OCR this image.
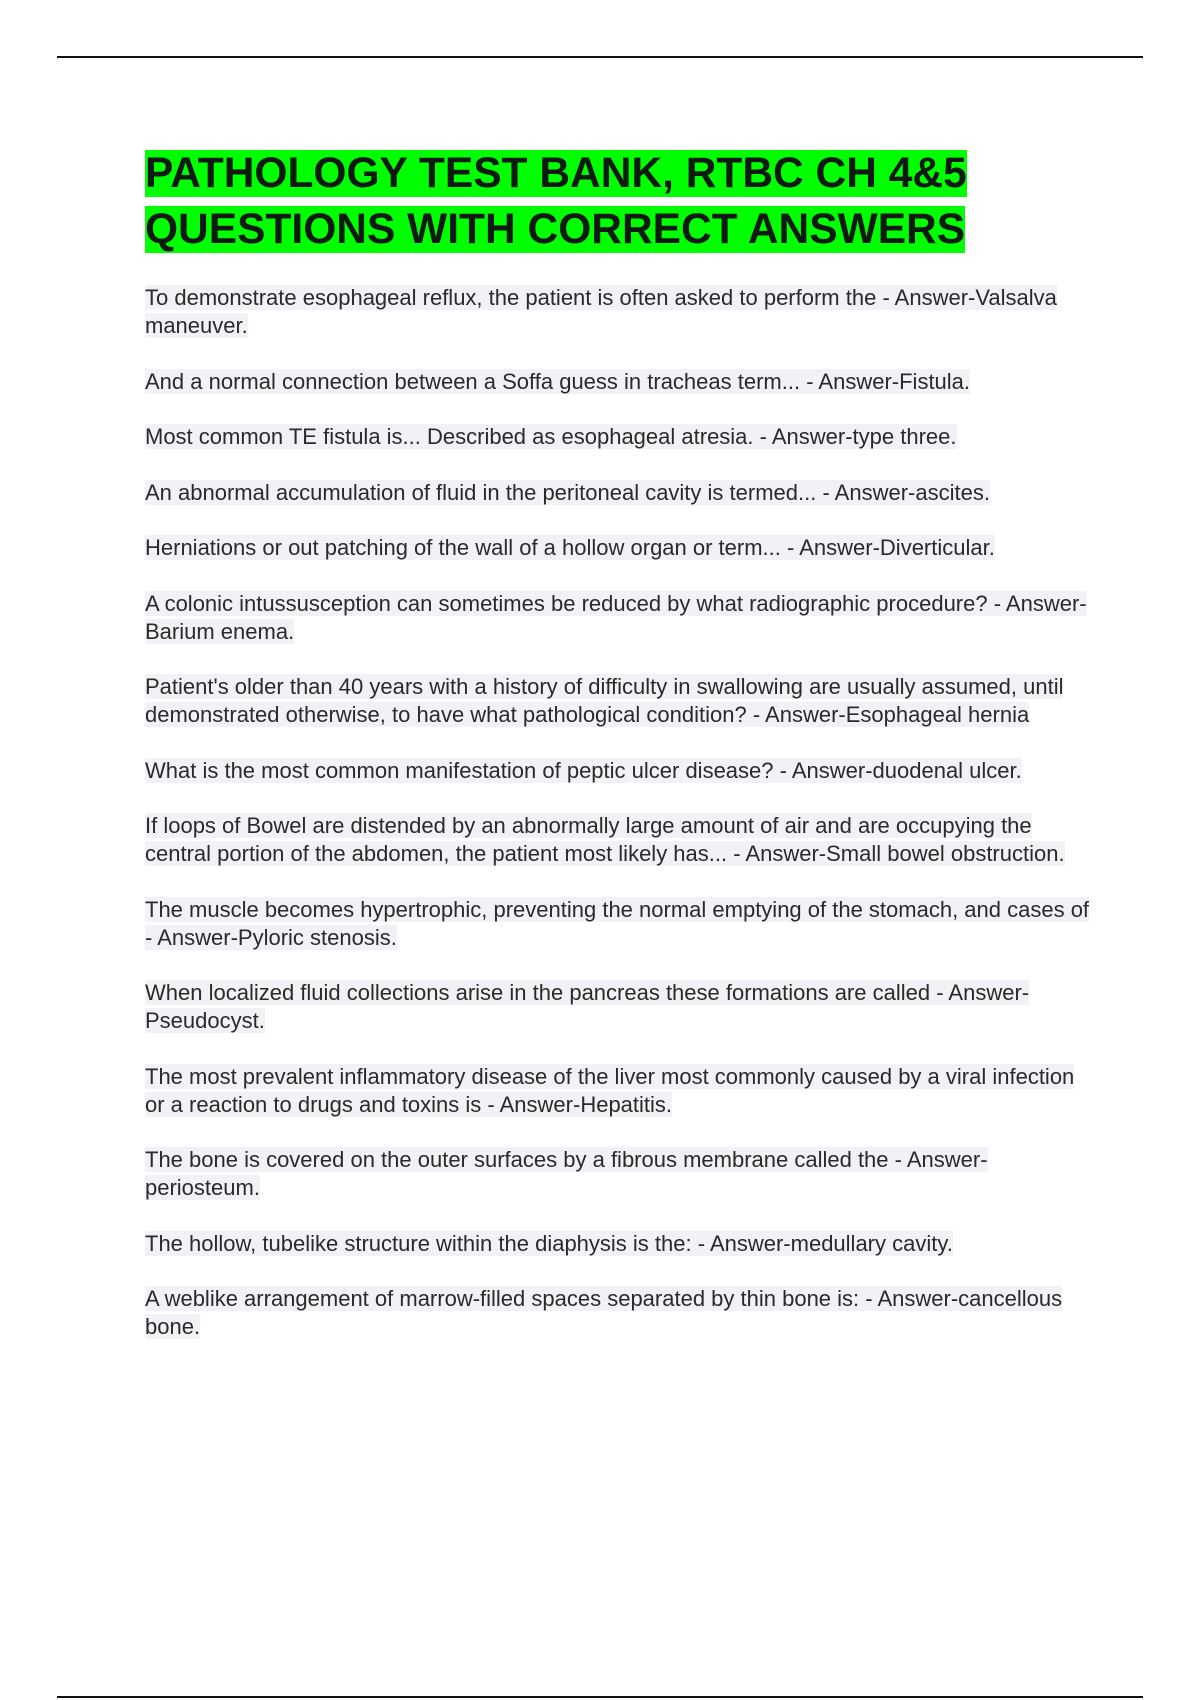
PATHOLOGY TEST BANK, RTBC CH 4&5 QUESTIONS WITH CORRECT ANSWERS
To demonstrate esophageal reflux, the patient is often asked to perform the - Answer-Valsalva maneuver.
And a normal connection between a Soffa guess in tracheas term... - Answer-Fistula.
Most common TE fistula is... Described as esophageal atresia. - Answer-type three.
An abnormal accumulation of fluid in the peritoneal cavity is termed... - Answer-ascites.
Herniations or out patching of the wall of a hollow organ or term... - Answer-Diverticular.
A colonic intussusception can sometimes be reduced by what radiographic procedure? - Answer-Barium enema.
Patient's older than 40 years with a history of difficulty in swallowing are usually assumed, until demonstrated otherwise, to have what pathological condition? - Answer-Esophageal hernia
What is the most common manifestation of peptic ulcer disease? - Answer-duodenal ulcer.
If loops of Bowel are distended by an abnormally large amount of air and are occupying the central portion of the abdomen, the patient most likely has... - Answer-Small bowel obstruction.
The muscle becomes hypertrophic, preventing the normal emptying of the stomach, and cases of - Answer-Pyloric stenosis.
When localized fluid collections arise in the pancreas these formations are called - Answer-Pseudocyst.
The most prevalent inflammatory disease of the liver most commonly caused by a viral infection or a reaction to drugs and toxins is - Answer-Hepatitis.
The bone is covered on the outer surfaces by a fibrous membrane called the - Answer-periosteum.
The hollow, tubelike structure within the diaphysis is the: - Answer-medullary cavity.
A weblike arrangement of marrow-filled spaces separated by thin bone is: - Answer-cancellous bone.
